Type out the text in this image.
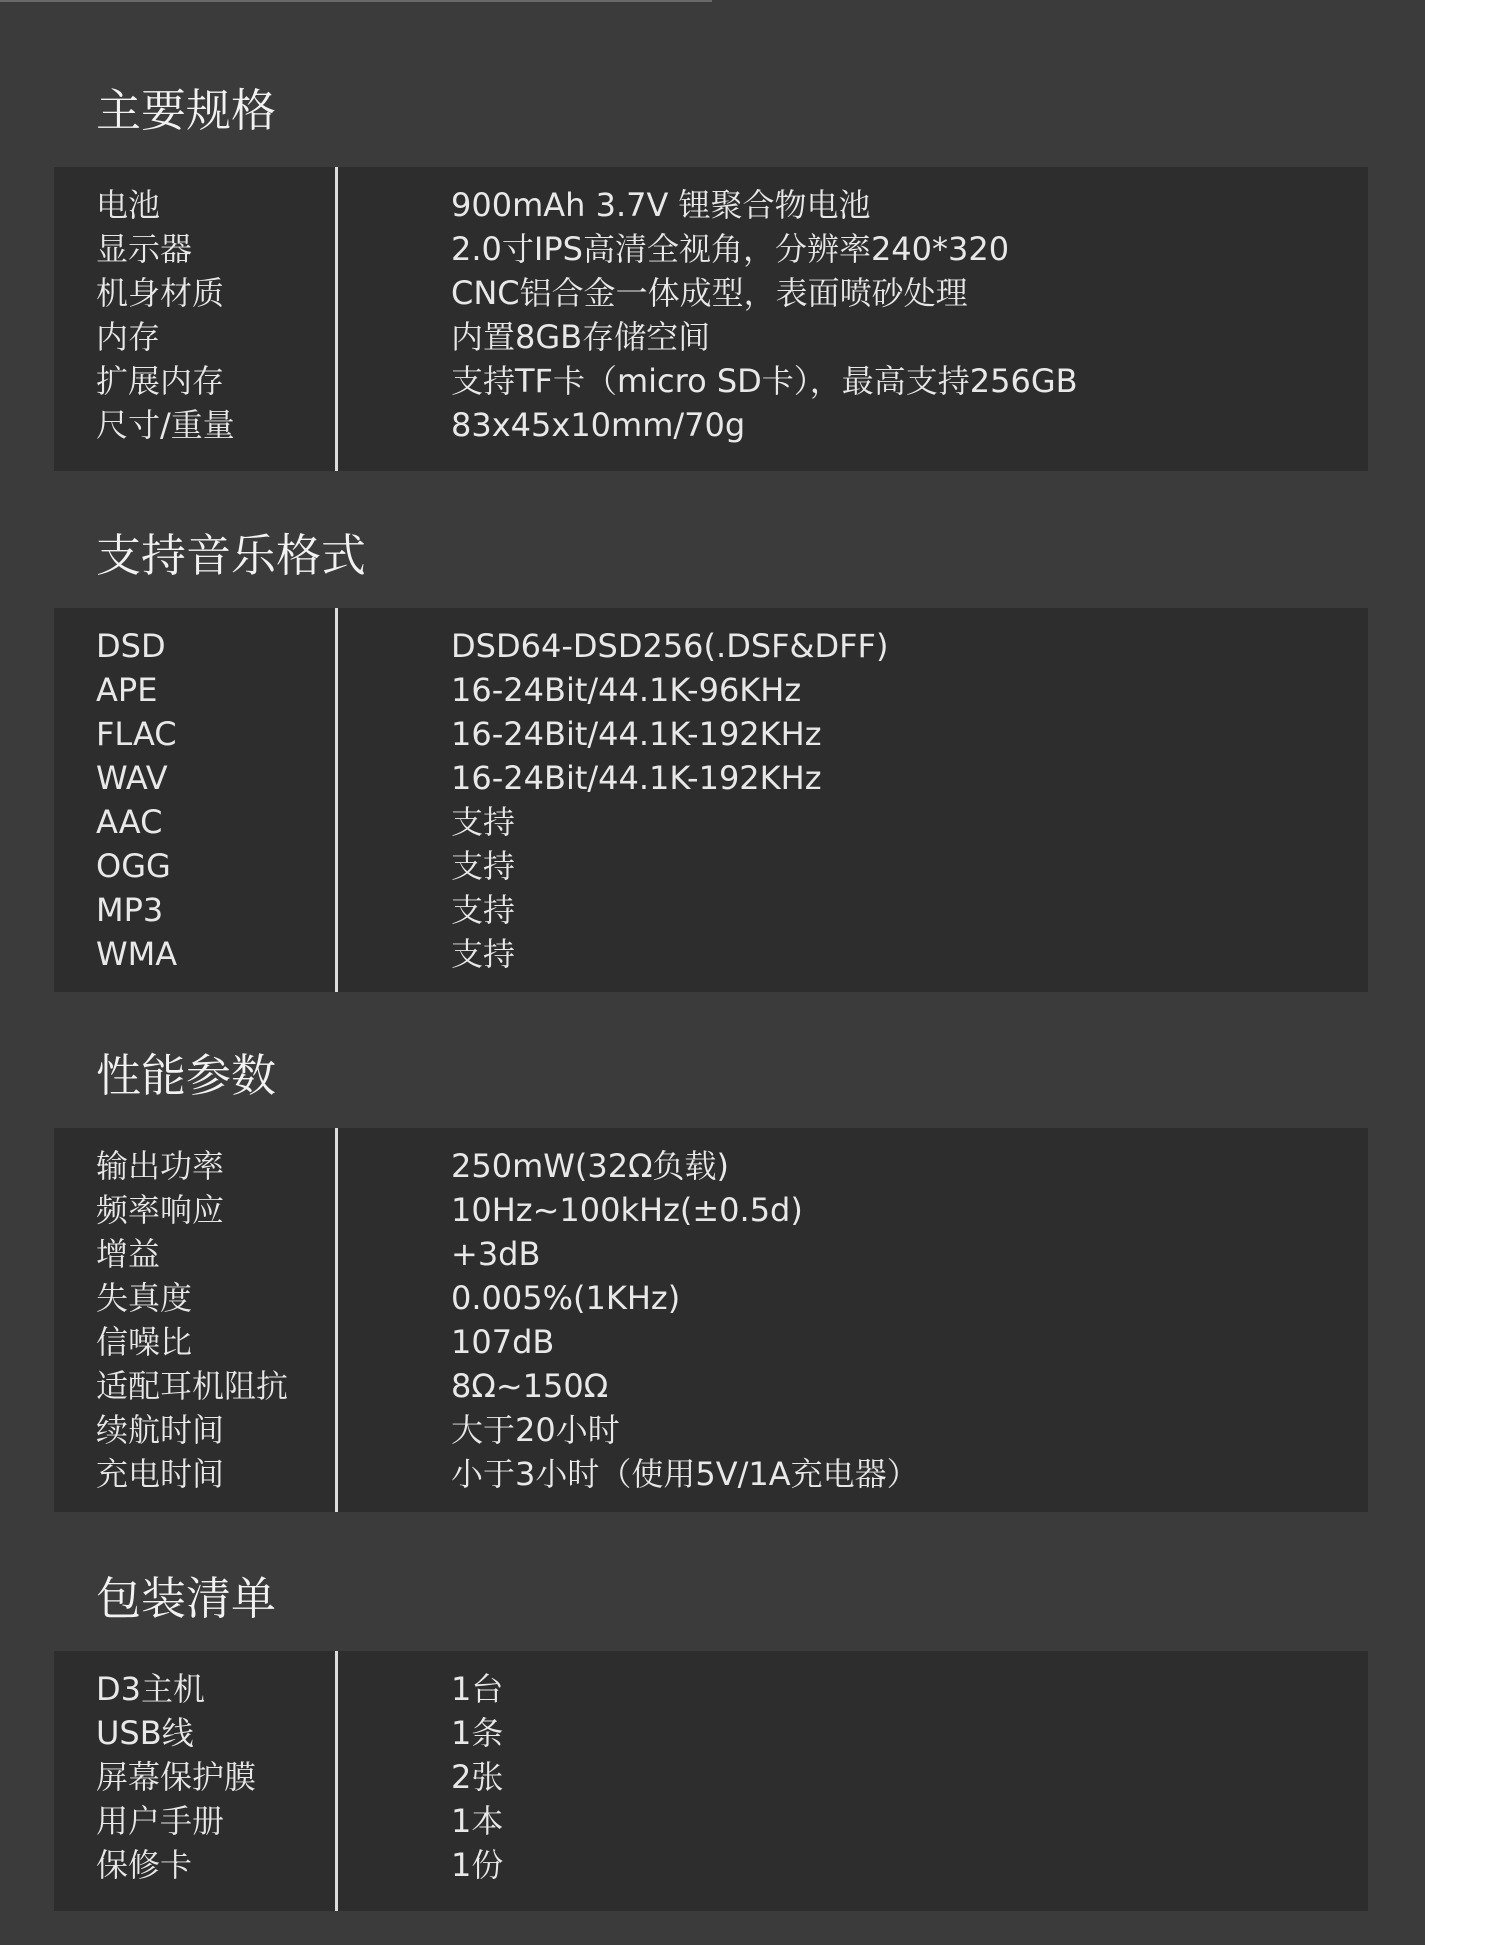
主要规格
电池	900mAh 3.7V 锂聚合物电池
显示器	2.0寸IPS高清全视角，分辨率240*320
机身材质	CNC铝合金一体成型，表面喷砂处理
内存	内置8GB存储空间
扩展内存	支持TF卡（micro SD卡），最高支持256GB
尺寸/重量	83x45x10mm/70g
支持音乐格式
DSD	DSD64-DSD256(.DSF&DFF)
APE	16-24Bit/44.1K-96KHz
FLAC	16-24Bit/44.1K-192KHz
WAV	16-24Bit/44.1K-192KHz
AAC	支持
OGG	支持
MP3	支持
WMA	支持
性能参数
输出功率	250mW(32Ω负载)
频率响应	10Hz~100kHz(±0.5d)
增益	+3dB
失真度	0.005%(1KHz)
信噪比	107dB
适配耳机阻抗	8Ω~150Ω
续航时间	大于20小时
充电时间	小于3小时（使用5V/1A充电器）
包装清单
D3主机	1台
USB线	1条
屏幕保护膜	2张
用户手册	1本
保修卡	1份
